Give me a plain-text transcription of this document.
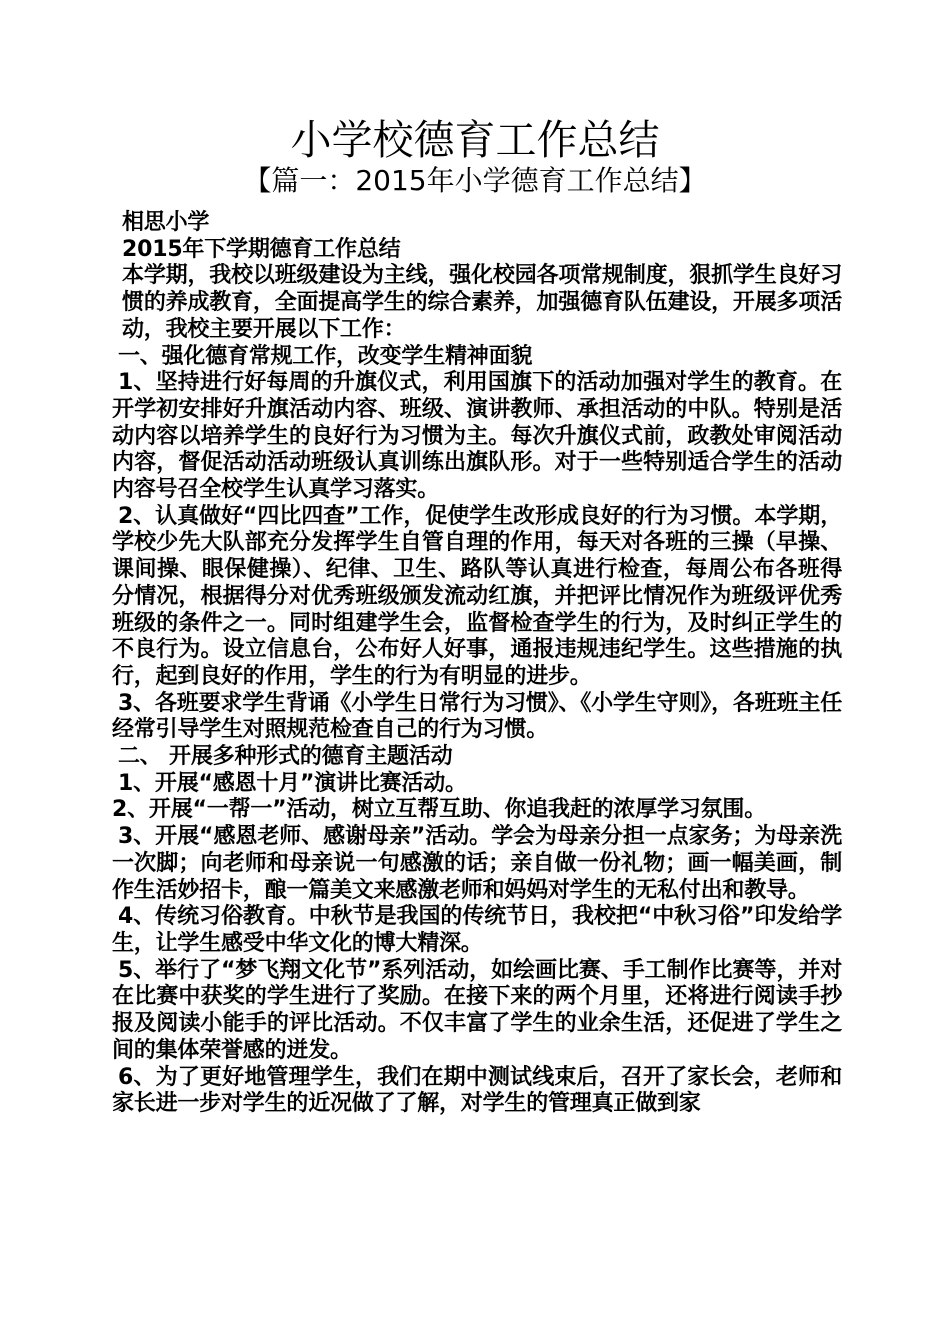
小学校德育工作总结
【篇一：2015年小学德育工作总结】

相思小学

2015年下学期德育工作总结

本学期，我校以班级建设为主线，强化校园各项常规制度，狠抓学生良好习惯的养成教育，全面提高学生的综合素养，加强德育队伍建设，开展多项活动，我校主要开展以下工作：

一、强化德育常规工作，改变学生精神面貌

1、坚持进行好每周的升旗仪式，利用国旗下的活动加强对学生的教育。在开学初安排好升旗活动内容、班级、演讲教师、承担活动的中队。特别是活动内容以培养学生的良好行为习惯为主。每次升旗仪式前，政教处审阅活动内容，督促活动活动班级认真训练出旗队形。对于一些特别适合学生的活动内容号召全校学生认真学习落实。

2、认真做好“四比四查”工作，促使学生改形成良好的行为习惯。本学期，学校少先大队部充分发挥学生自管自理的作用，每天对各班的三操（早操、课间操、眼保健操）、纪律、卫生、路队等认真进行检查，每周公布各班得分情况，根据得分对优秀班级颁发流动红旗，并把评比情况作为班级评优秀班级的条件之一。同时组建学生会，监督检查学生的行为，及时纠正学生的不良行为。设立信息台，公布好人好事，通报违规违纪学生。这些措施的执行，起到良好的作用，学生的行为有明显的进步。

3、各班要求学生背诵《小学生日常行为习惯》、《小学生守则》，各班班主任经常引导学生对照规范检查自己的行为习惯。

二、 开展多种形式的德育主题活动

1、开展“感恩十月”演讲比赛活动。

2、开展“一帮一”活动，树立互帮互助、你追我赶的浓厚学习氛围。

3、开展“感恩老师、感谢母亲”活动。学会为母亲分担一点家务；为母亲洗一次脚；向老师和母亲说一句感激的话；亲自做一份礼物；画一幅美画，制作生活妙招卡，酿一篇美文来感激老师和妈妈对学生的无私付出和教导。

4、传统习俗教育。中秋节是我国的传统节日，我校把“中秋习俗”印发给学生，让学生感受中华文化的博大精深。

5、举行了“梦飞翔文化节”系列活动，如绘画比赛、手工制作比赛等，并对在比赛中获奖的学生进行了奖励。在接下来的两个月里，还将进行阅读手抄报及阅读小能手的评比活动。不仅丰富了学生的业余生活，还促进了学生之间的集体荣誉感的迸发。

6、为了更好地管理学生，我们在期中测试线束后，召开了家长会，老师和家长进一步对学生的近况做了了解，对学生的管理真正做到家
